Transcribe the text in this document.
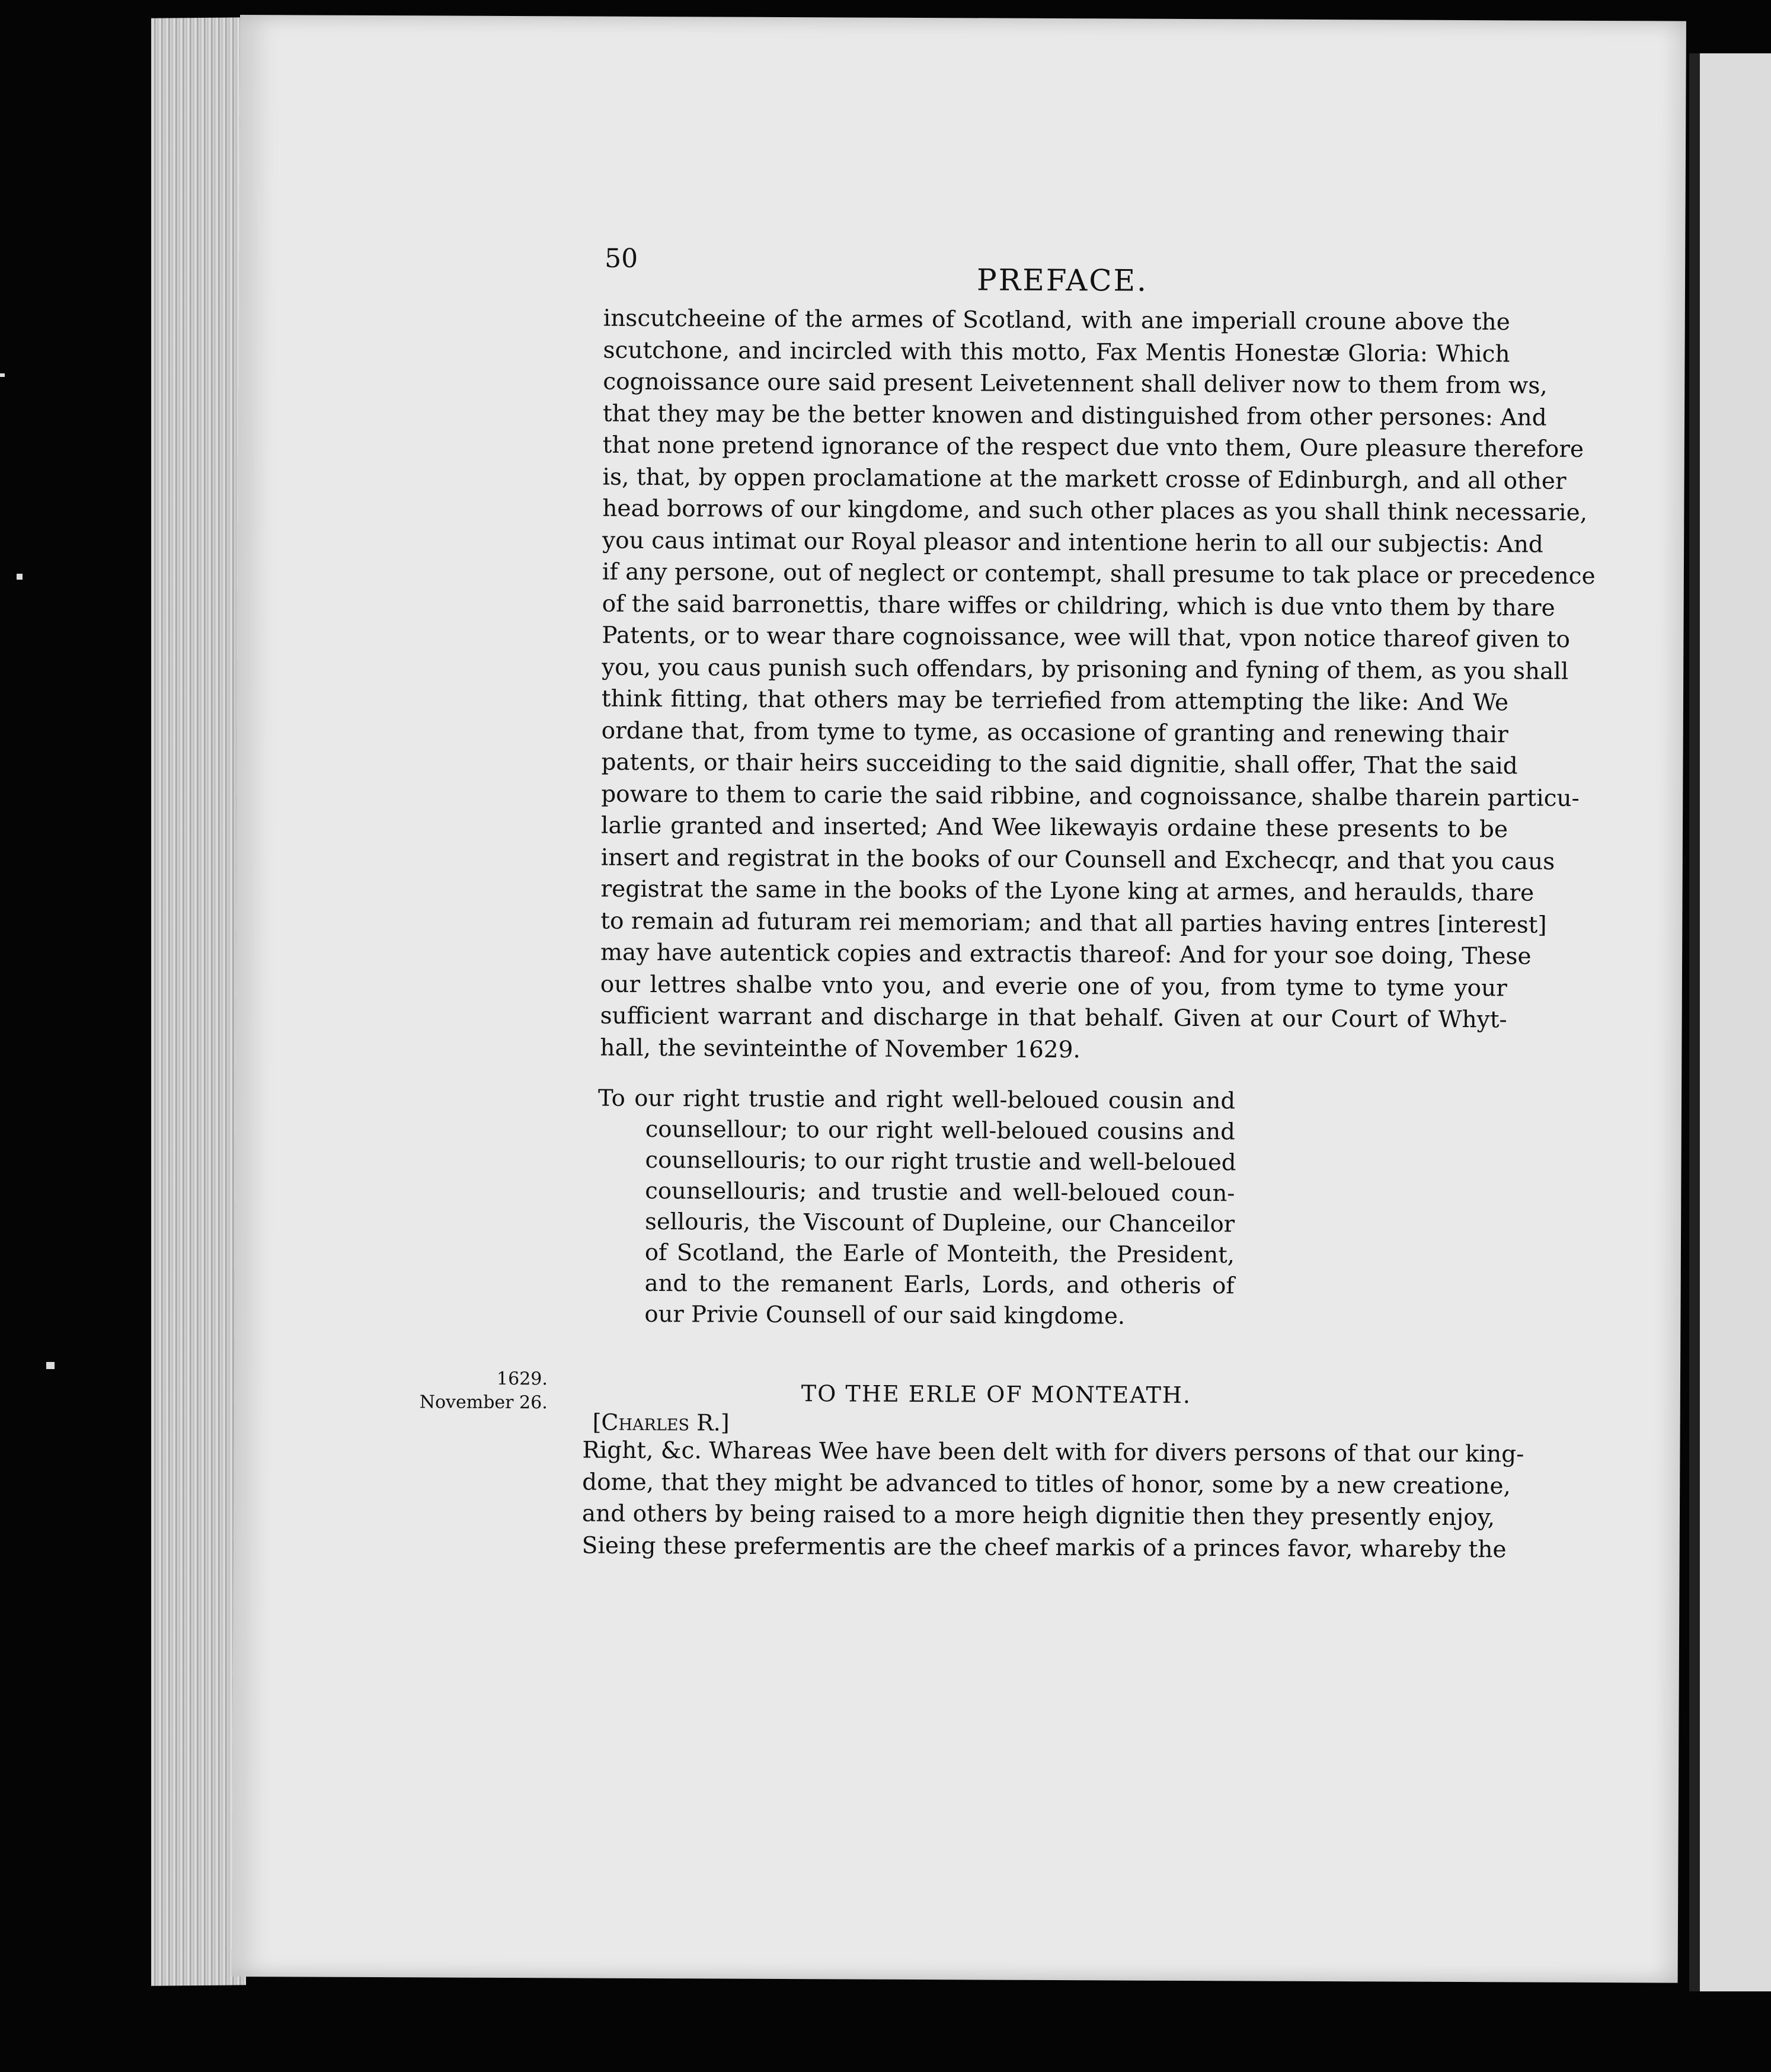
50
PREFACE.
inscutcheeine of the armes of Scotland, with ane imperiall croune above the
scutchone, and incircled with this motto, Fax Mentis Honestæ Gloria: Which
cognoissance oure said present Leivetennent shall deliver now to them from ws,
that they may be the better knowen and distinguished from other persones: And
that none pretend ignorance of the respect due vnto them, Oure pleasure therefore
is, that, by oppen proclamatione at the markett crosse of Edinburgh, and all other
head borrows of our kingdome, and such other places as you shall think necessarie,
you caus intimat our Royal pleasor and intentione herin to all our subjectis: And
if any persone, out of neglect or contempt, shall presume to tak place or precedence
of the said barronettis, thare wiffes or childring, which is due vnto them by thare
Patents, or to wear thare cognoissance, wee will that, vpon notice thareof given to
you, you caus punish such offendars, by prisoning and fyning of them, as you shall
think fitting, that others may be terriefied from attempting the like: And We
ordane that, from tyme to tyme, as occasione of granting and renewing thair
patents, or thair heirs succeiding to the said dignitie, shall offer, That the said
poware to them to carie the said ribbine, and cognoissance, shalbe tharein particu-
larlie granted and inserted; And Wee likewayis ordaine these presents to be
insert and registrat in the books of our Counsell and Exchecqr, and that you caus
registrat the same in the books of the Lyone king at armes, and heraulds, thare
to remain ad futuram rei memoriam; and that all parties having entres [interest]
may have autentick copies and extractis thareof: And for your soe doing, These
our lettres shalbe vnto you, and everie one of you, from tyme to tyme your
sufficient warrant and discharge in that behalf. Given at our Court of Whyt-
hall, the sevinteinthe of November 1629.
To our right trustie and right well-beloued cousin and
counsellour; to our right well-beloued cousins and
counsellouris; to our right trustie and well-beloued
counsellouris; and trustie and well-beloued coun-
sellouris, the Viscount of Dupleine, our Chanceilor
of Scotland, the Earle of Monteith, the President,
and to the remanent Earls, Lords, and otheris of
our Privie Counsell of our said kingdome.
1629.
November 26.	TO THE ERLE OF MONTEATH.
[Charles R.]
Right, &c. Whareas Wee have been delt with for divers persons of that our king-
dome, that they might be advanced to titles of honor, some by a new creatione,
and others by being raised to a more heigh dignitie then they presently enjoy,
Sieing these prefermentis are the cheef markis of a princes favor, whareby the
